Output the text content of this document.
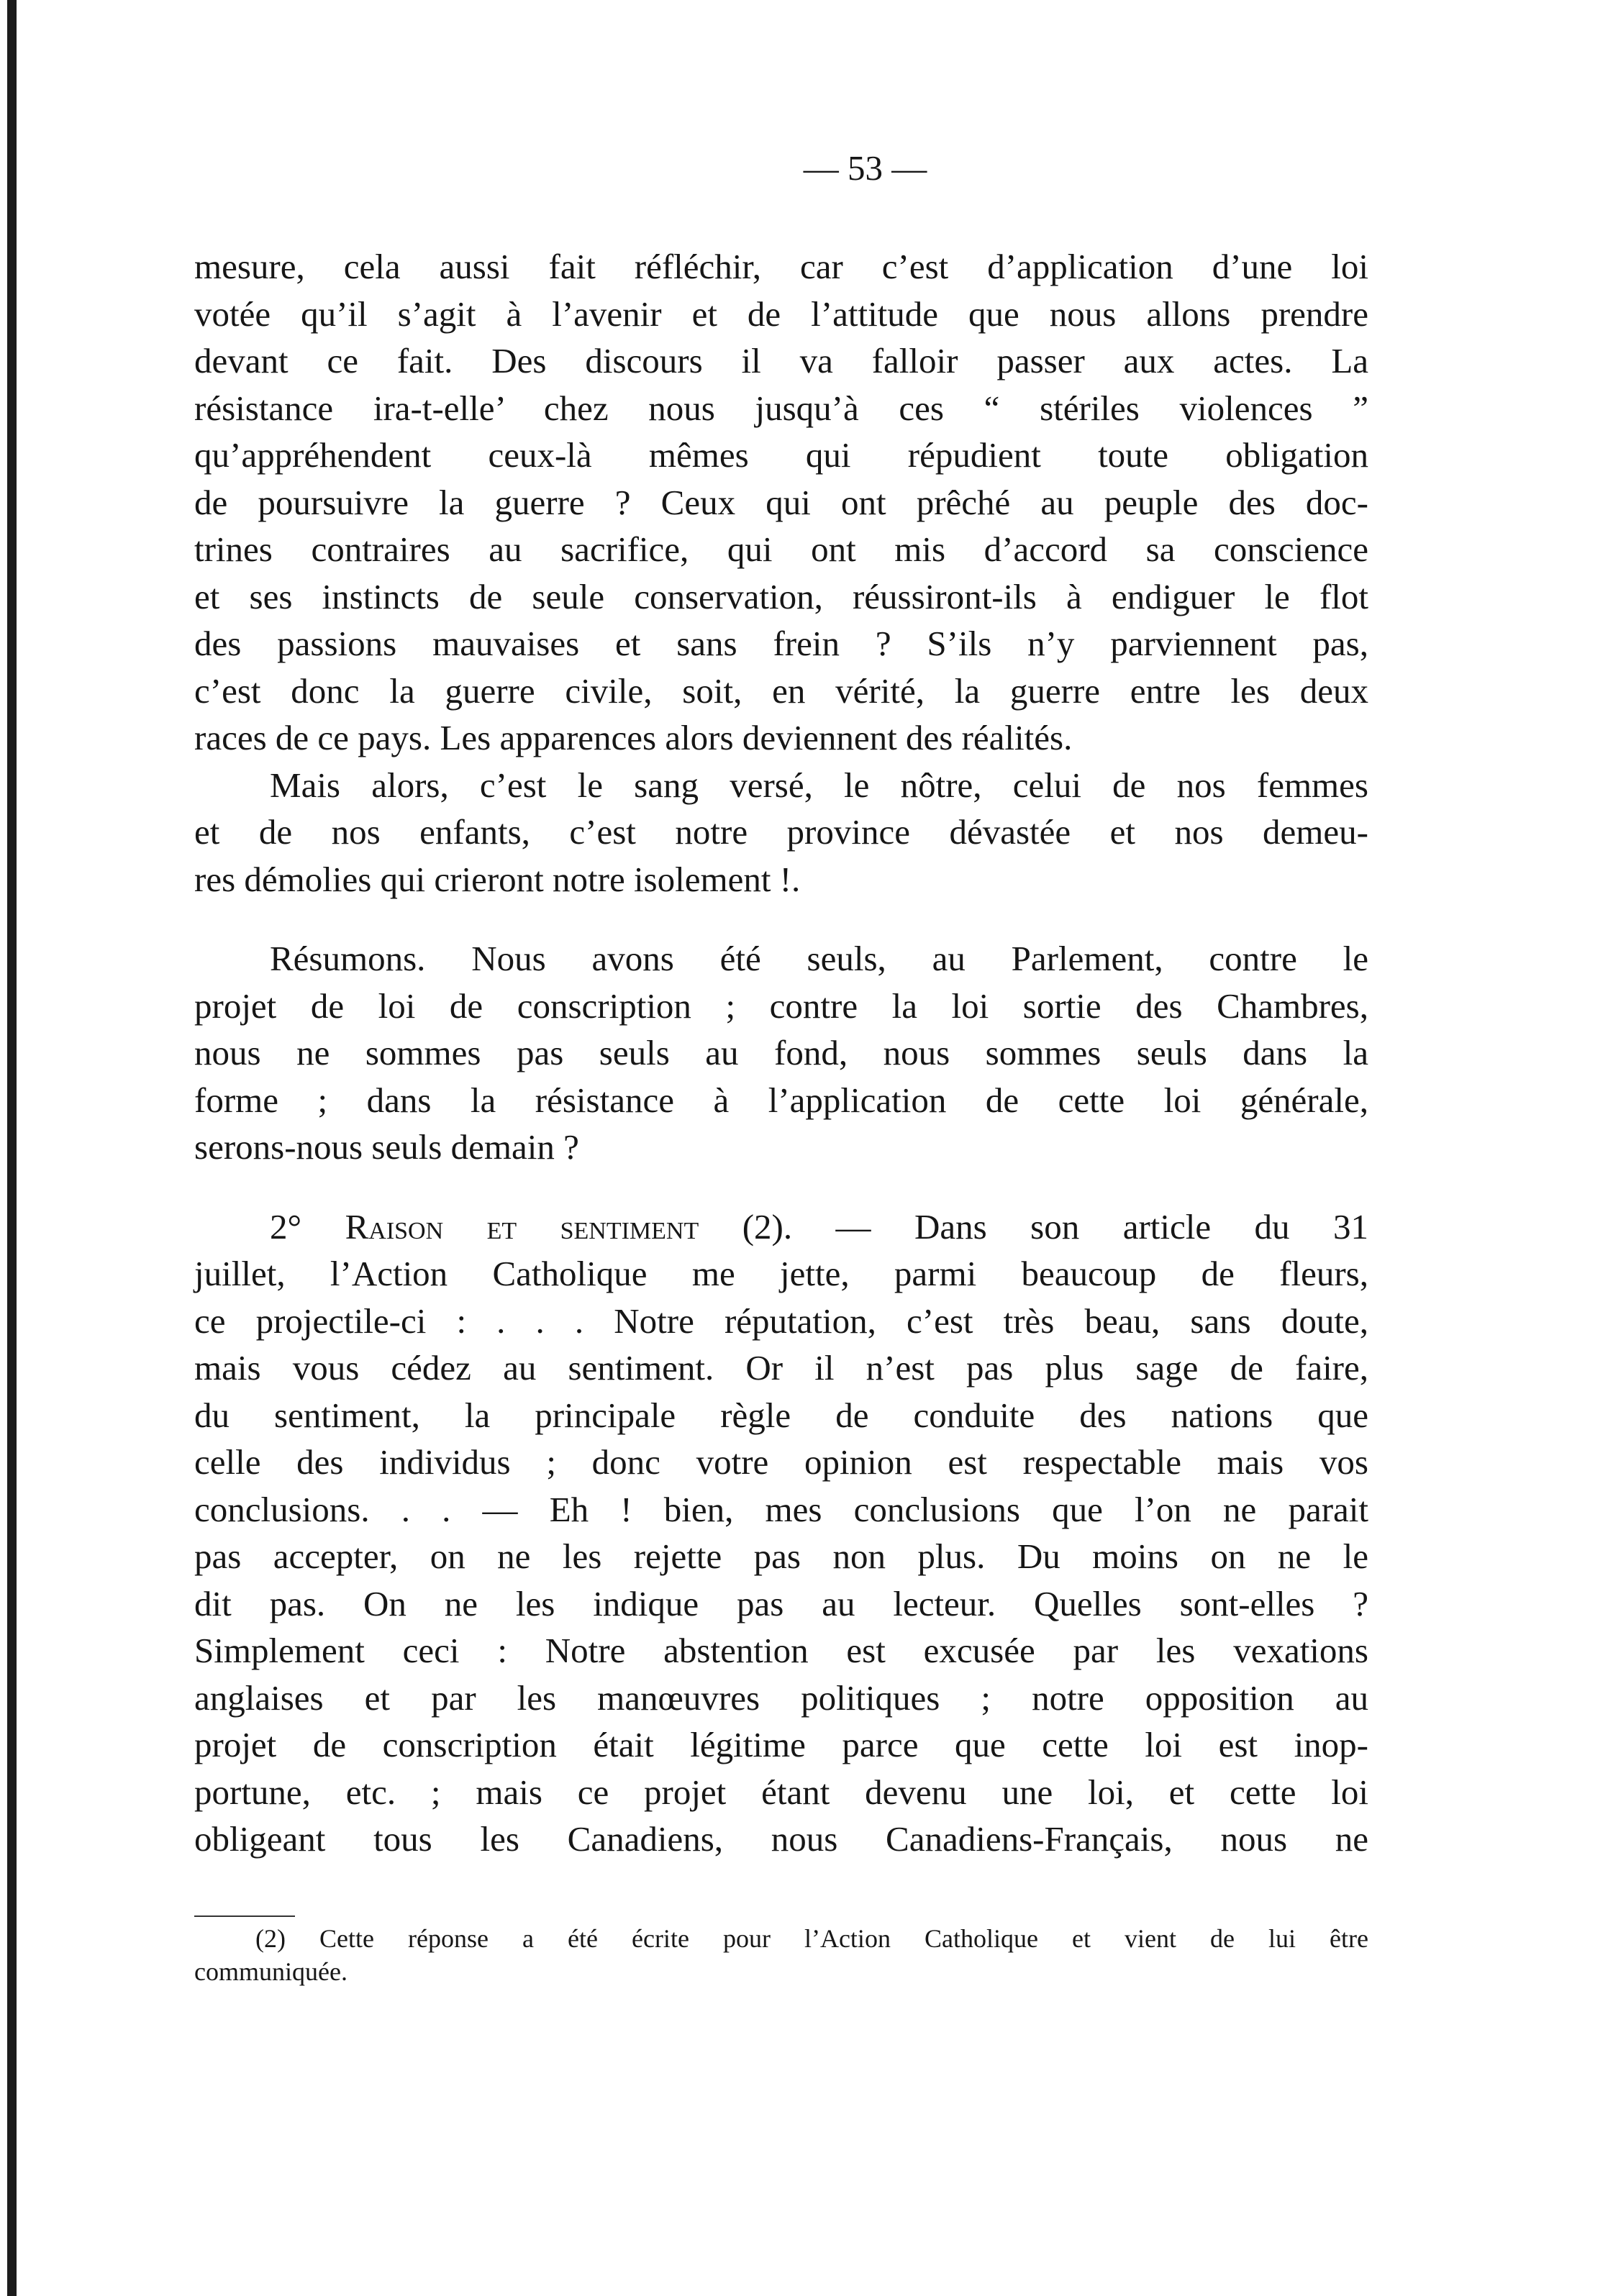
— 53 —
mesure, cela aussi fait réfléchir, car c’est d’application d’une loi
votée qu’il s’agit à l’avenir et de l’attitude que nous allons prendre
devant ce fait. Des discours il va falloir passer aux actes. La
résistance ira-t-elle’ chez nous jusqu’à ces “ stériles violences ”
qu’appréhendent ceux-là mêmes qui répudient toute obligation
de poursuivre la guerre ? Ceux qui ont prêché au peuple des doc-
trines contraires au sacrifice, qui ont mis d’accord sa conscience
et ses instincts de seule conservation, réussiront-ils à endiguer le flot
des passions mauvaises et sans frein ? S’ils n’y parviennent pas,
c’est donc la guerre civile, soit, en vérité, la guerre entre les deux
races de ce pays. Les apparences alors deviennent des réalités.
Mais alors, c’est le sang versé, le nôtre, celui de nos femmes
et de nos enfants, c’est notre province dévastée et nos demeu-
res démolies qui crieront notre isolement !.
Résumons. Nous avons été seuls, au Parlement, contre le
projet de loi de conscription ; contre la loi sortie des Chambres,
nous ne sommes pas seuls au fond, nous sommes seuls dans la
forme ; dans la résistance à l’application de cette loi générale,
serons-nous seuls demain ?
2° Raison et sentiment (2). — Dans son article du 31
juillet, l’Action Catholique me jette, parmi beaucoup de fleurs,
ce projectile-ci : . . . Notre réputation, c’est très beau, sans doute,
mais vous cédez au sentiment. Or il n’est pas plus sage de faire,
du sentiment, la principale règle de conduite des nations que
celle des individus ; donc votre opinion est respectable mais vos
conclusions. . . — Eh ! bien, mes conclusions que l’on ne parait
pas accepter, on ne les rejette pas non plus. Du moins on ne le
dit pas. On ne les indique pas au lecteur. Quelles sont-elles ?
Simplement ceci : Notre abstention est excusée par les vexations
anglaises et par les manœuvres politiques ; notre opposition au
projet de conscription était légitime parce que cette loi est inop-
portune, etc. ; mais ce projet étant devenu une loi, et cette loi
obligeant tous les Canadiens, nous Canadiens-Français, nous ne
(2) Cette réponse a été écrite pour l’Action Catholique et vient de lui être
communiquée.
